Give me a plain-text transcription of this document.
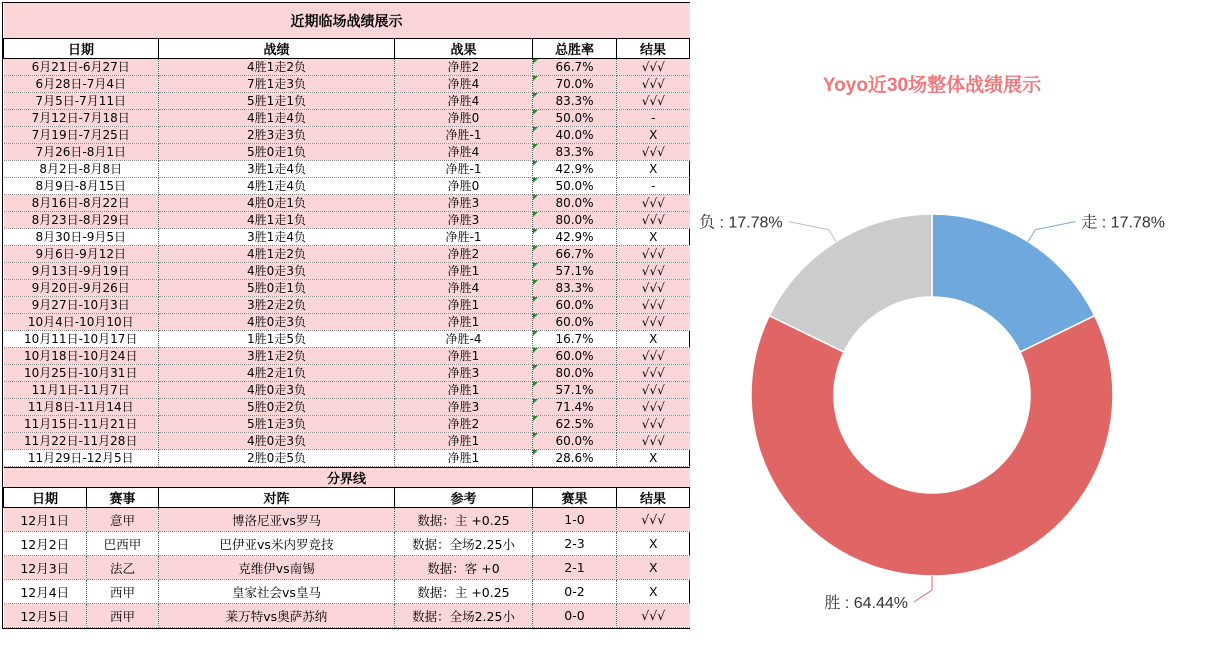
近期临场战绩展示				
日期	战绩	战果	总胜率	结果
6月21日-6月27日	4胜1走2负	净胜2	66.7%	√√√
6月28日-7月4日	7胜1走3负	净胜4	70.0%	√√√
7月5日-7月11日	5胜1走1负	净胜4	83.3%	√√√
7月12日-7月18日	4胜1走4负	净胜0	50.0%	-
7月19日-7月25日	2胜3走3负	净胜-1	40.0%	X
7月26日-8月1日	5胜0走1负	净胜4	83.3%	√√√
8月2日-8月8日	3胜1走4负	净胜-1	42.9%	X
8月9日-8月15日	4胜1走4负	净胜0	50.0%	-
8月16日-8月22日	4胜0走1负	净胜3	80.0%	√√√
8月23日-8月29日	4胜1走1负	净胜3	80.0%	√√√
8月30日-9月5日	3胜1走4负	净胜-1	42.9%	X
9月6日-9月12日	4胜1走2负	净胜2	66.7%	√√√
9月13日-9月19日	4胜0走3负	净胜1	57.1%	√√√
9月20日-9月26日	5胜0走1负	净胜4	83.3%	√√√
9月27日-10月3日	3胜2走2负	净胜1	60.0%	√√√
10月4日-10月10日	4胜0走3负	净胜1	60.0%	√√√
10月11日-10月17日	1胜1走5负	净胜-4	16.7%	X
10月18日-10月24日	3胜1走2负	净胜1	60.0%	√√√
10月25日-10月31日	4胜2走1负	净胜3	80.0%	√√√
11月1日-11月7日	4胜0走3负	净胜1	57.1%	√√√
11月8日-11月14日	5胜0走2负	净胜3	71.4%	√√√
11月15日-11月21日	5胜1走3负	净胜2	62.5%	√√√
11月22日-11月28日	4胜0走3负	净胜1	60.0%	√√√
11月29日-12月5日	2胜0走5负	净胜1	28.6%	X
分界线					
日期	赛事	对阵	参考	赛果	结果
12月1日	意甲	博洛尼亚vs罗马	数据：主 +0.25	1-0	√√√
12月2日	巴西甲	巴伊亚vs米内罗竞技	数据：全场2.25小	2-3	X
12月3日	法乙	克维伊vs南锡	数据：客 +0	2-1	X
12月4日	西甲	皇家社会vs皇马	数据：主 +0.25	0-2	X
12月5日	西甲	莱万特vs奥萨苏纳	数据：全场2.25小	0-0	√√√
Yoyo近30场整体战绩展示
走 : 17.78%
胜 : 64.44%
负 : 17.78%
